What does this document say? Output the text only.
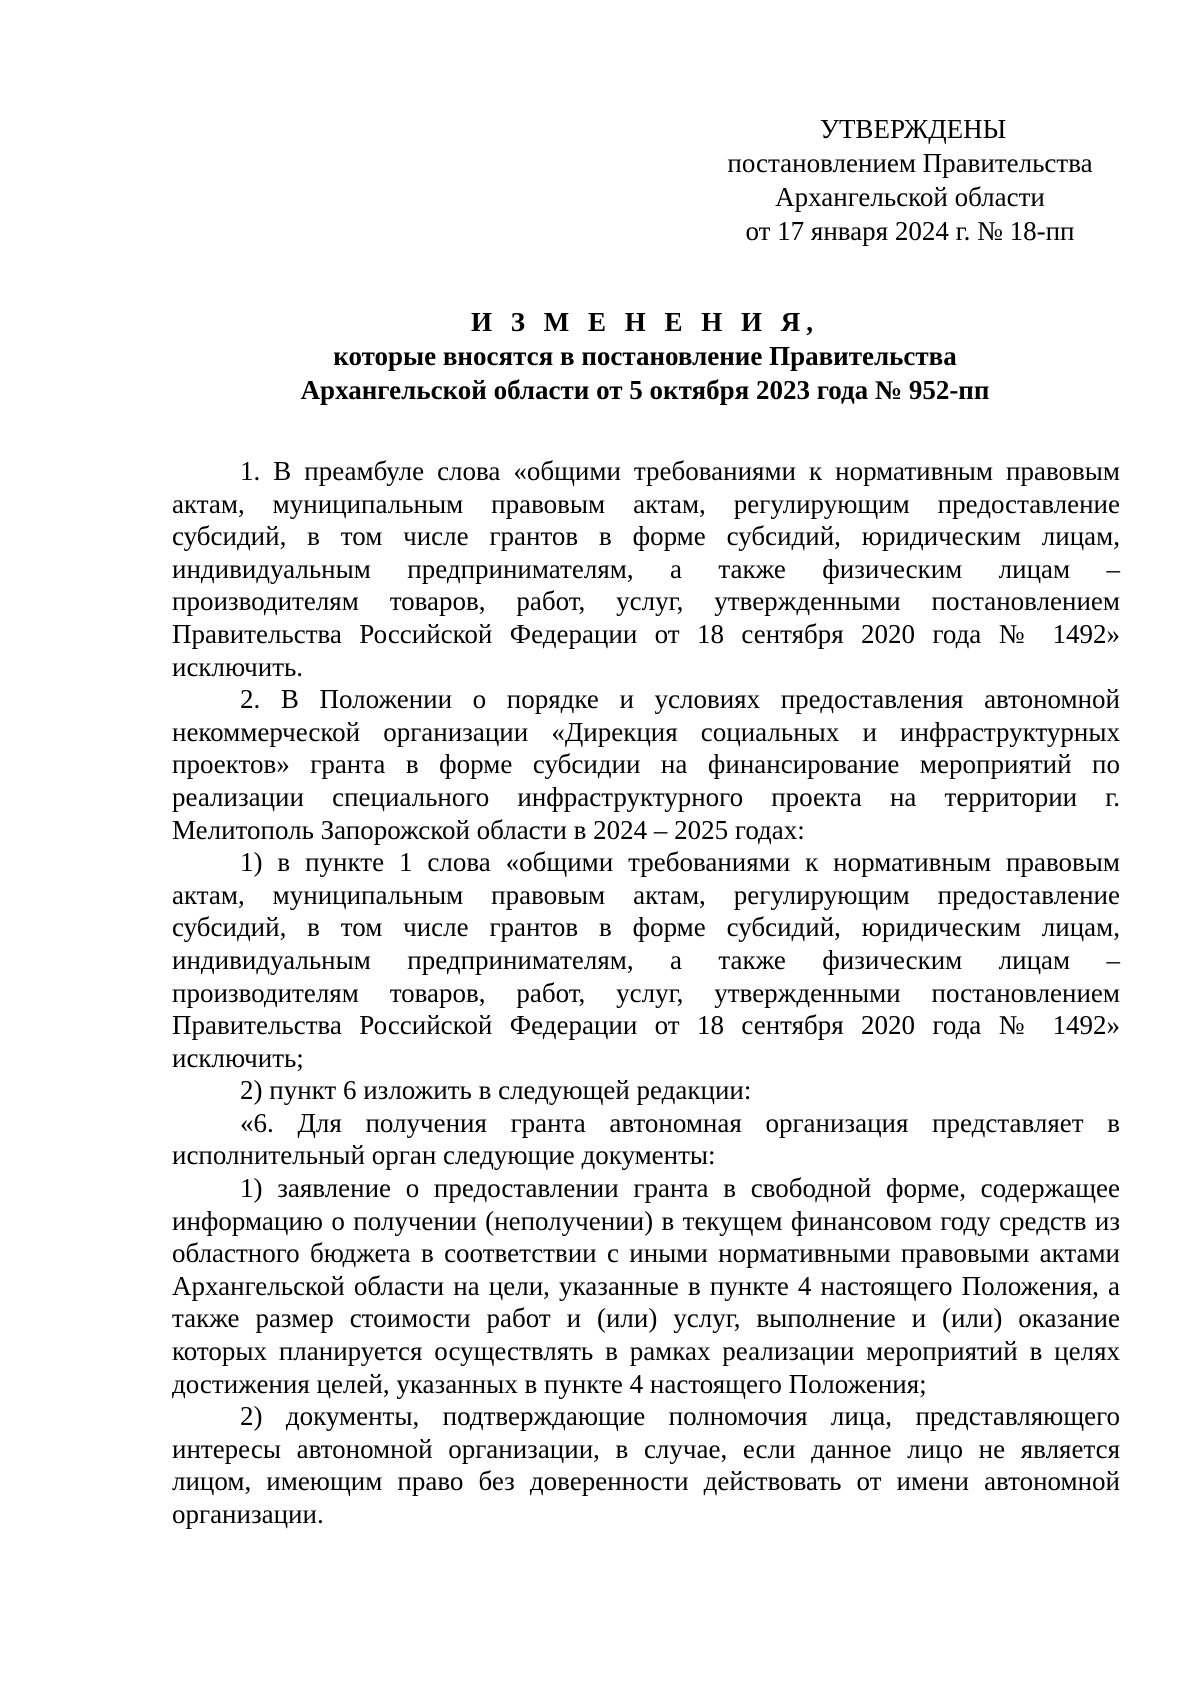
УТВЕРЖДЕНЫ
постановлением Правительства
Архангельской области
от 17 января 2024 г. № 18-пп
И З М Е Н Е Н И Я,
которые вносятся в постановление Правительства
Архангельской области от 5 октября 2023 года № 952-пп

1. В преамбуле слова «общими требованиями к нормативным правовым актам, муниципальным правовым актам, регулирующим предоставление субсидий, в том числе грантов в форме субсидий, юридическим лицам, индивидуальным предпринимателям, а также физическим лицам – производителям товаров, работ, услуг, утвержденными постановлением Правительства Российской Федерации от 18 сентября 2020 года № 1492» исключить.

2. В Положении о порядке и условиях предоставления автономной некоммерческой организации «Дирекция социальных и инфраструктурных проектов» гранта в форме субсидии на финансирование мероприятий по реализации специального инфраструктурного проекта на территории г. Мелитополь Запорожской области в 2024 – 2025 годах:

1) в пункте 1 слова «общими требованиями к нормативным правовым актам, муниципальным правовым актам, регулирующим предоставление субсидий, в том числе грантов в форме субсидий, юридическим лицам, индивидуальным предпринимателям, а также физическим лицам – производителям товаров, работ, услуг, утвержденными постановлением Правительства Российской Федерации от 18 сентября 2020 года № 1492» исключить;

2) пункт 6 изложить в следующей редакции:

«6. Для получения гранта автономная организация представляет в исполнительный орган следующие документы:

1) заявление о предоставлении гранта в свободной форме, содержащее информацию о получении (неполучении) в текущем финансовом году средств из областного бюджета в соответствии с иными нормативными правовыми актами Архангельской области на цели, указанные в пункте 4 настоящего Положения, а также размер стоимости работ и (или) услуг, выполнение и (или) оказание которых планируется осуществлять в рамках реализации мероприятий в целях достижения целей, указанных в пункте 4 настоящего Положения;

2) документы, подтверждающие полномочия лица, представляющего интересы автономной организации, в случае, если данное лицо не является лицом, имеющим право без доверенности действовать от имени автономной организации.
